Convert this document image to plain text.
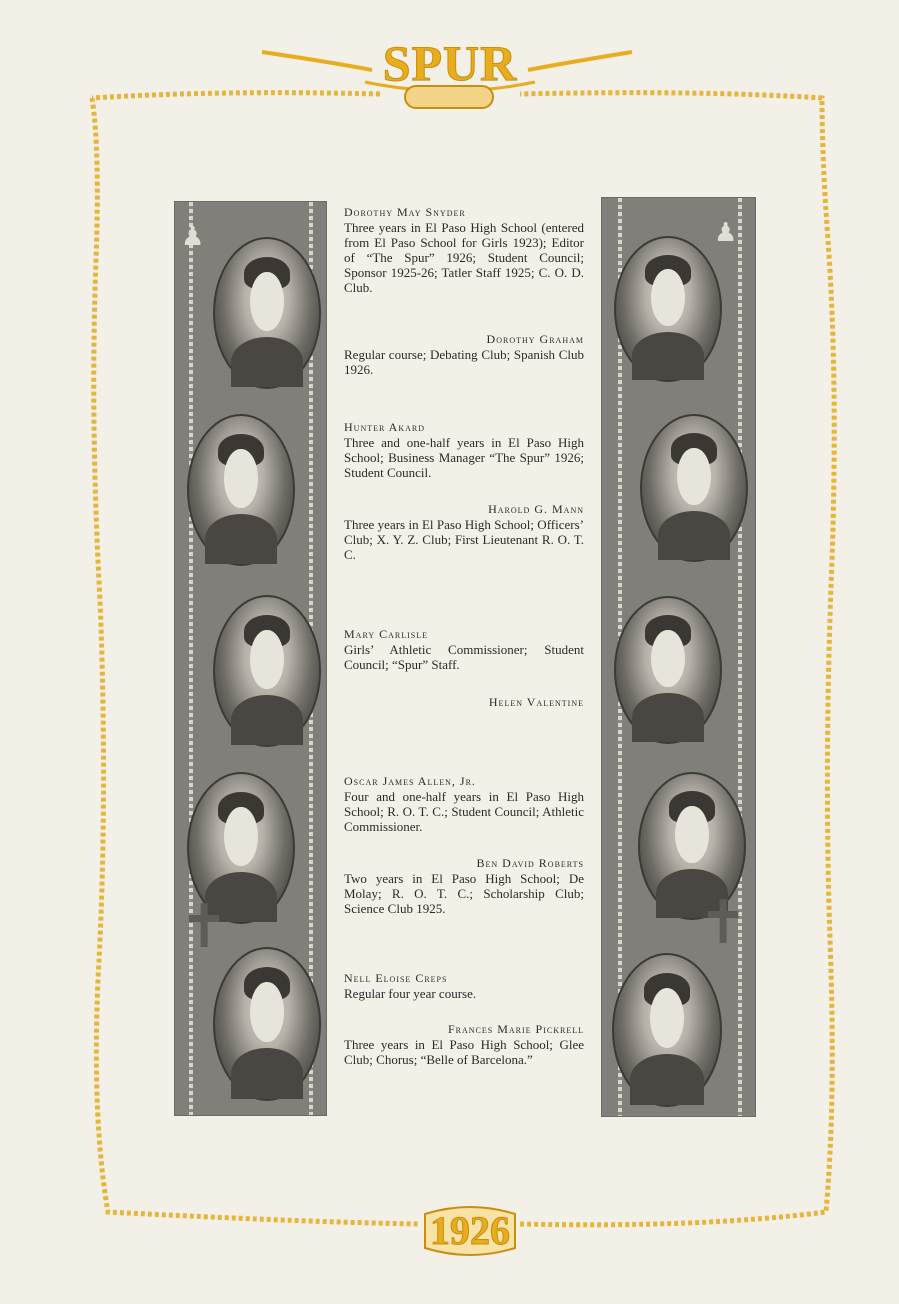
SPUR
1926
♟
✝
♟
✝
Dorothy May Snyder
Three years in El Paso High School (entered from El Paso School for Girls 1923); Editor of “The Spur” 1926; Student Council; Sponsor 1925-26; Tatler Staff 1925; C. O. D. Club.
Dorothy Graham
Regular course; Debating Club; Spanish Club 1926.
Hunter Akard
Three and one-half years in El Paso High School; Business Manager “The Spur” 1926; Student Council.
Harold G. Mann
Three years in El Paso High School; Officers’ Club; X. Y. Z. Club; First Lieutenant R. O. T. C.
Mary Carlisle
Girls’ Athletic Commissioner; Student Council; “Spur” Staff.
Helen Valentine
Oscar James Allen, Jr.
Four and one-half years in El Paso High School; R. O. T. C.; Student Council; Athletic Commissioner.
Ben David Roberts
Two years in El Paso High School; De Molay; R. O. T. C.; Scholarship Club; Science Club 1925.
Nell Eloise Creps
Regular four year course.
Frances Marie Pickrell
Three years in El Paso High School; Glee Club; Chorus; “Belle of Barcelona.”
